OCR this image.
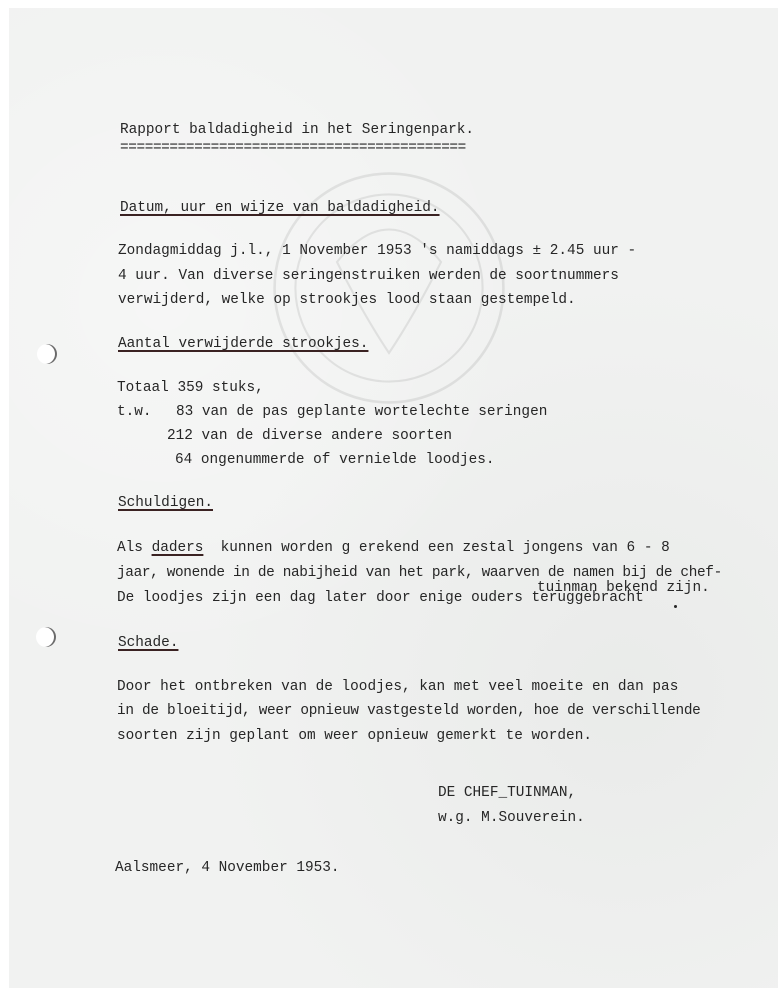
Rapport baldadigheid in het Seringenpark.
==========================================
Datum, uur en wijze van baldadigheid.
Zondagmiddag j.l., 1 November 1953 's namiddags ± 2.45 uur -
4 uur. Van diverse seringenstruiken werden de soortnummers
verwijderd, welke op strookjes lood staan gestempeld.
Aantal verwijderde strookjes.
Totaal 359 stuks,
t.w. 83 van de pas geplante wortelechte seringen
212 van de diverse andere soorten
64 ongenummerde of vernielde loodjes.
Schuldigen.
Als daders  kunnen worden g erekend een zestal jongens van 6 - 8
jaar, wonende in de nabijheid van het park, waarven de namen bij de chef-
tuinman bekend zijn.
De loodjes zijn een dag later door enige ouders teruggebracht
Schade.
Door het ontbreken van de loodjes, kan met veel moeite en dan pas
in de bloeitijd, weer opnieuw vastgesteld worden, hoe de verschillende
soorten zijn geplant om weer opnieuw gemerkt te worden.
DE CHEF_TUINMAN,
w.g. M.Souverein.
Aalsmeer, 4 November 1953.
